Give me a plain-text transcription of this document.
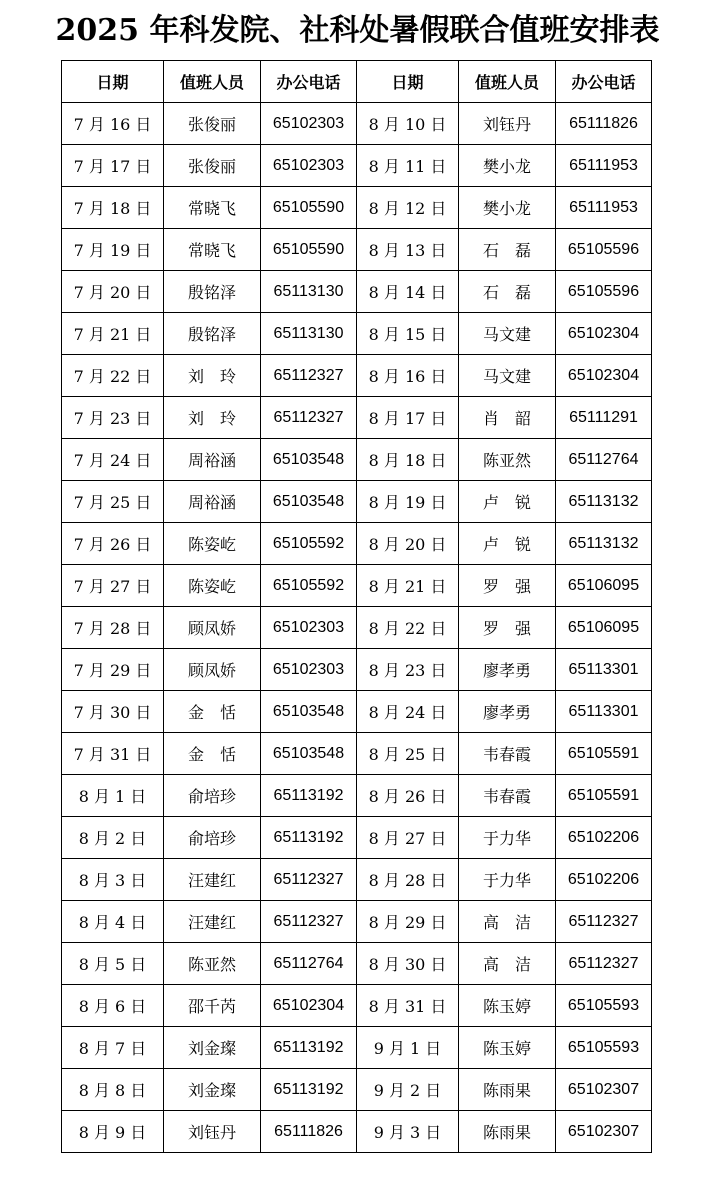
2025 年科发院、社科处暑假联合值班安排表
日期	值班人员	办公电话	日期	值班人员	办公电话
7 月 16 日	张俊丽	65102303	8 月 10 日	刘钰丹	65111826
7 月 17 日	张俊丽	65102303	8 月 11 日	樊小龙	65111953
7 月 18 日	常晓飞	65105590	8 月 12 日	樊小龙	65111953
7 月 19 日	常晓飞	65105590	8 月 13 日	石　磊	65105596
7 月 20 日	殷铭泽	65113130	8 月 14 日	石　磊	65105596
7 月 21 日	殷铭泽	65113130	8 月 15 日	马文建	65102304
7 月 22 日	刘　玲	65112327	8 月 16 日	马文建	65102304
7 月 23 日	刘　玲	65112327	8 月 17 日	肖　韶	65111291
7 月 24 日	周裕涵	65103548	8 月 18 日	陈亚然	65112764
7 月 25 日	周裕涵	65103548	8 月 19 日	卢　锐	65113132
7 月 26 日	陈姿屹	65105592	8 月 20 日	卢　锐	65113132
7 月 27 日	陈姿屹	65105592	8 月 21 日	罗　强	65106095
7 月 28 日	顾凤娇	65102303	8 月 22 日	罗　强	65106095
7 月 29 日	顾凤娇	65102303	8 月 23 日	廖孝勇	65113301
7 月 30 日	金　恬	65103548	8 月 24 日	廖孝勇	65113301
7 月 31 日	金　恬	65103548	8 月 25 日	韦春霞	65105591
8 月 1 日	俞培珍	65113192	8 月 26 日	韦春霞	65105591
8 月 2 日	俞培珍	65113192	8 月 27 日	于力华	65102206
8 月 3 日	汪建红	65112327	8 月 28 日	于力华	65102206
8 月 4 日	汪建红	65112327	8 月 29 日	高　洁	65112327
8 月 5 日	陈亚然	65112764	8 月 30 日	高　洁	65112327
8 月 6 日	邵千芮	65102304	8 月 31 日	陈玉婷	65105593
8 月 7 日	刘金璨	65113192	9 月 1 日	陈玉婷	65105593
8 月 8 日	刘金璨	65113192	9 月 2 日	陈雨果	65102307
8 月 9 日	刘钰丹	65111826	9 月 3 日	陈雨果	65102307
